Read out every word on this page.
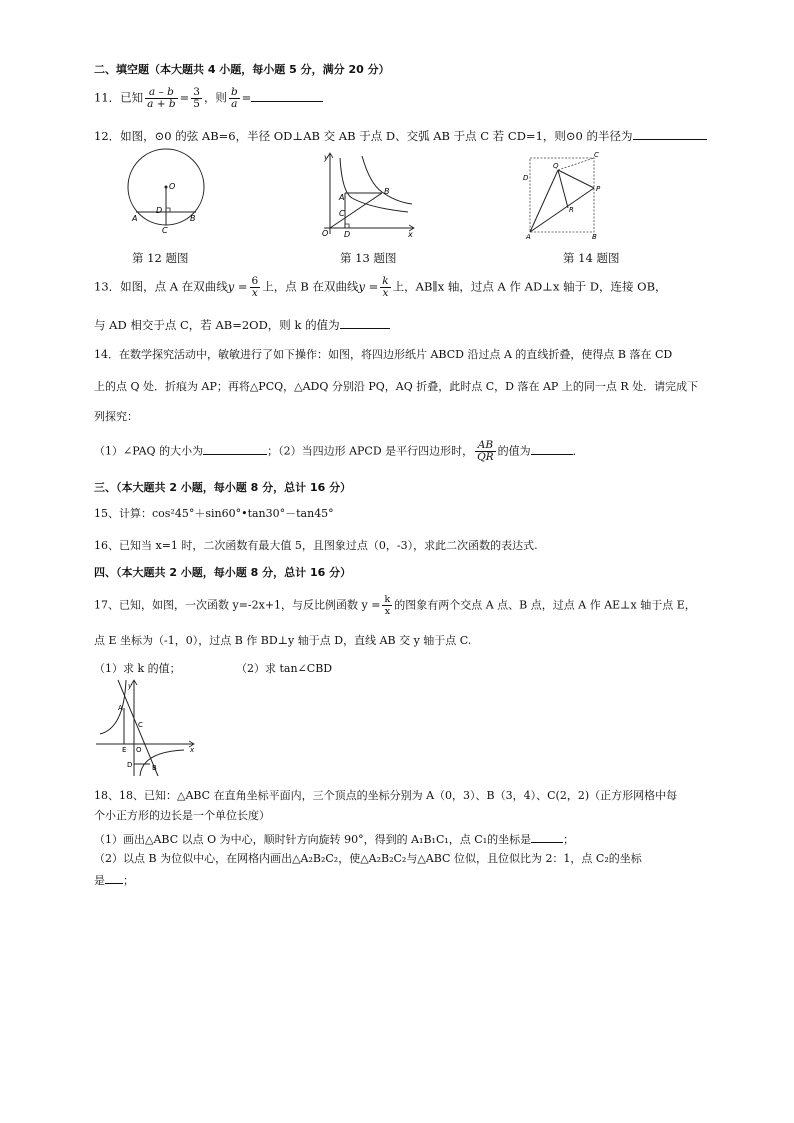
二、填空题（本大题共 4 小题，每小题 5 分，满分 20 分）
11．已知 $\frac{a - b}{a + b} = \frac{3}{5}$ ，则 $\frac{b}{a}$ =
12．如图，⊙0 的弦 AB=6，半径 OD⊥AB 交 AB 于点 D、交弧 AB 于点 C 若 CD=1，则⊙0 的半径为
O
D
A
C
B
第 12 题图
y
B
A
C
O D	x
第 13 题图
C
D
Q
P
R
A	B
第 14 题图
13．如图，点 A 在双曲线$y = \frac{6}{x}$ 上，点 B 在双曲线$y = \frac{k}{x}$ 上，AB∥x 轴，过点 A 作 AD⊥x 轴于 D，连接 OB，
与 AD 相交于点 C，若 AB=2OD，则 k 的值为
14．在数学探究活动中，敏敏进行了如下操作：如图，将四边形纸片 ABCD 沿过点 A 的直线折叠，使得点 B 落在 CD
上的点 Q 处．折痕为 AP；再将△PCQ，△ADQ 分别沿 PQ，AQ 折叠，此时点 C，D 落在 AP 上的同一点 R 处．请完成下
列探究：
（1）∠PAQ 的大小为	；（2）当四边形 APCD 是平行四边形时， $\frac{AB}{QR}$ 的值为	．
三、（本大题共 2 小题，每小题 8 分，总计 16 分）
15、计算：cos²45°＋sin60°•tan30°－tan45°
16、已知当 x=1 时，二次函数有最大值 5，且图象过点（0，-3），求此二次函数的表达式.
四、（本大题共 2 小题，每小题 8 分，总计 16 分）
17、已知，如图，一次函数 y=-2x+1，与反比例函数 $y = \frac{k}{x}$ 的图象有两个交点 A 点、B 点，过点 A 作 AE⊥x 轴于点 E，
点 E 坐标为（-1，0），过点 B 作 BD⊥y 轴于点 D，直线 AB 交 y 轴于点 C.
（1）求 k 的值；	（2）求 tan∠CBD
y
A
C
E O	x
D	B
18、18、已知：△ABC 在直角坐标平面内，三个顶点的坐标分别为 A（0，3）、B（3，4）、C(2，2)（正方形网格中每
个小正方形的边长是一个单位长度）
（1）画出△ABC 以点 O 为中心，顺时针方向旋转 90°，得到的 A₁B₁C₁，点 C₁的坐标是	；
（2）以点 B 为位似中心，在网格内画出△A₂B₂C₂，使△A₂B₂C₂与△ABC 位似，且位似比为 2：1，点 C₂的坐标
是 ；
